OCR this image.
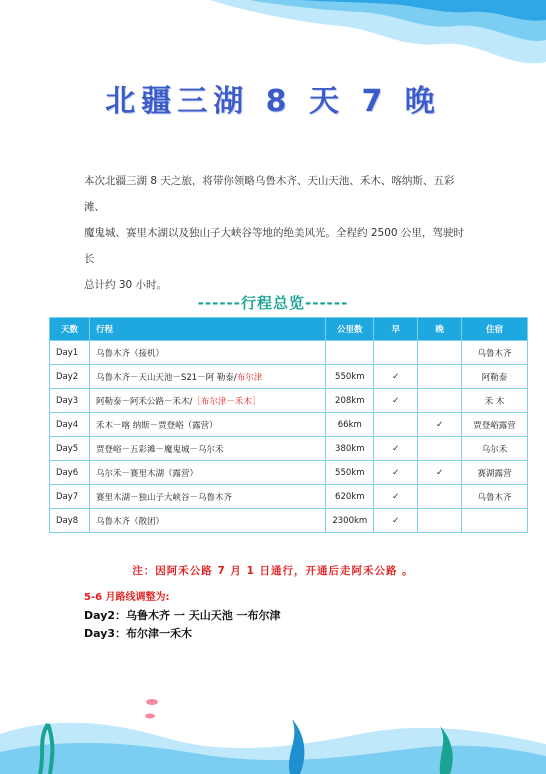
北疆三湖 8 天 7 晚
本次北疆三湖 8 天之旅，将带你领略乌鲁木齐、天山天池、禾木、喀纳斯、五彩滩、
魔鬼城、赛里木湖以及独山子大峡谷等地的绝美风光。全程约 2500 公里，驾驶时长
总计约 30 小时。
------行程总览------
天数	行程	公里数	早	晚	住宿
Day1	乌鲁木齐（接机）				乌鲁木齐
Day2	乌鲁木齐－天山天池－S21－阿 勒泰/布尔津	550km	✓		阿勒泰
Day3	阿勒泰－阿禾公路－禾木/［布尔津－禾木］	208km	✓		禾 木
Day4	禾木－喀 纳斯－贾登峪（露营）	66km		✓	贾登峪露营
Day5	贾登峪－五彩滩－魔鬼城－乌尔禾	380km	✓		乌尔禾
Day6	乌尔禾－赛里木湖（露营）	550km	✓	✓	赛湖露营
Day7	赛里木湖－独山子大峡谷－乌鲁木齐	620km	✓		乌鲁木齐
Day8	乌鲁木齐（散团）	2300km	✓		
注：因阿禾公路 7 月 1 日通行，开通后走阿禾公路 。
5-6 月路线调整为:
Day2：乌鲁木齐 一 天山天池 一布尔津
Day3：布尔津一禾木
